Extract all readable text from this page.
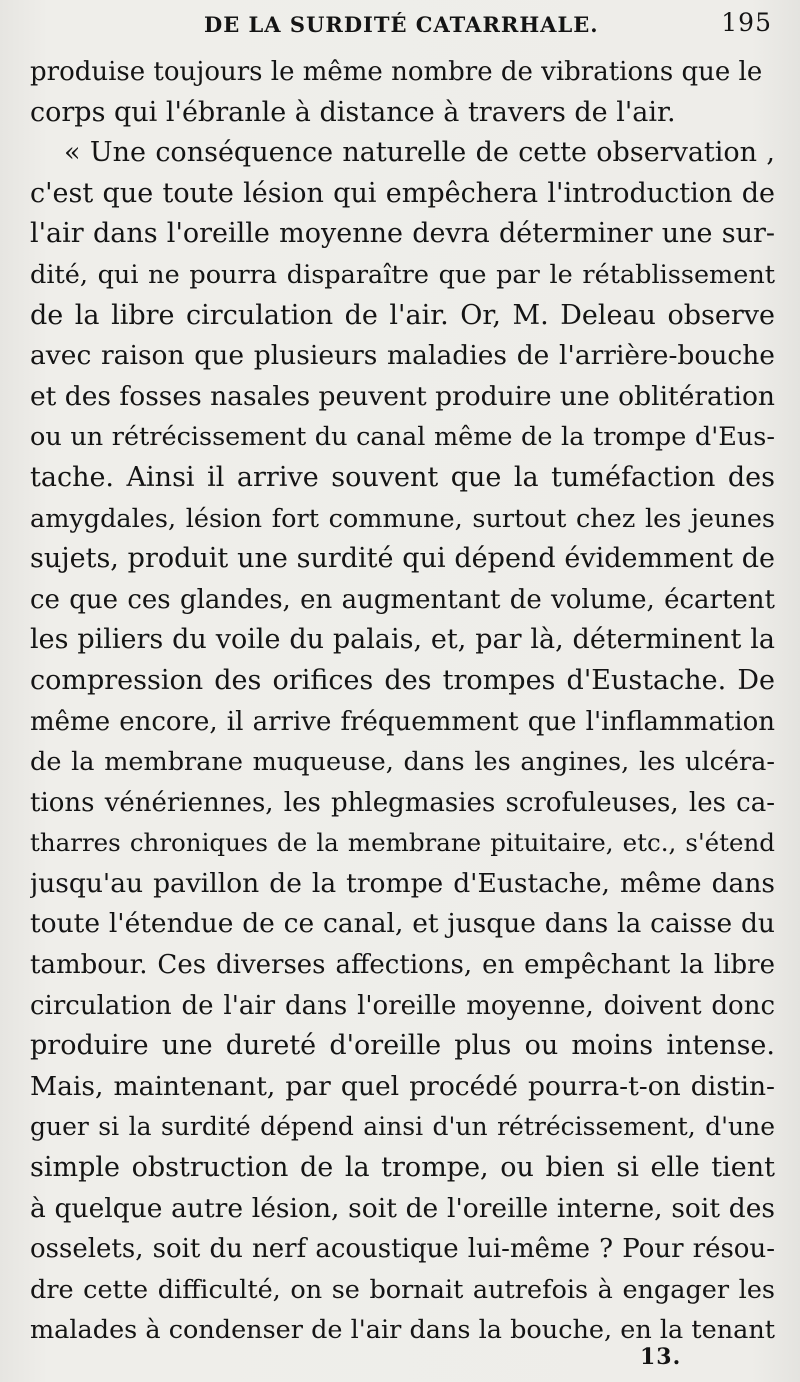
DE LA SURDITÉ CATARRHALE.	195
produise toujours le même nombre de vibrations que le
corps qui l'ébranle à distance à travers de l'air.
« Une conséquence naturelle de cette observation ,
c'est que toute lésion qui empêchera l'introduction de
l'air dans l'oreille moyenne devra déterminer une sur-
dité, qui ne pourra disparaître que par le rétablissement
de la libre circulation de l'air. Or, M. Deleau observe
avec raison que plusieurs maladies de l'arrière-bouche
et des fosses nasales peuvent produire une oblitération
ou un rétrécissement du canal même de la trompe d'Eus-
tache. Ainsi il arrive souvent que la tuméfaction des
amygdales, lésion fort commune, surtout chez les jeunes
sujets, produit une surdité qui dépend évidemment de
ce que ces glandes, en augmentant de volume, écartent
les piliers du voile du palais, et, par là, déterminent la
compression des orifices des trompes d'Eustache. De
même encore, il arrive fréquemment que l'inflammation
de la membrane muqueuse, dans les angines, les ulcéra-
tions vénériennes, les phlegmasies scrofuleuses, les ca-
tharres chroniques de la membrane pituitaire, etc., s'étend
jusqu'au pavillon de la trompe d'Eustache, même dans
toute l'étendue de ce canal, et jusque dans la caisse du
tambour. Ces diverses affections, en empêchant la libre
circulation de l'air dans l'oreille moyenne, doivent donc
produire une dureté d'oreille plus ou moins intense.
Mais, maintenant, par quel procédé pourra-t-on distin-
guer si la surdité dépend ainsi d'un rétrécissement, d'une
simple obstruction de la trompe, ou bien si elle tient
à quelque autre lésion, soit de l'oreille interne, soit des
osselets, soit du nerf acoustique lui-même ? Pour résou-
dre cette difficulté, on se bornait autrefois à engager les
malades à condenser de l'air dans la bouche, en la tenant
13.
